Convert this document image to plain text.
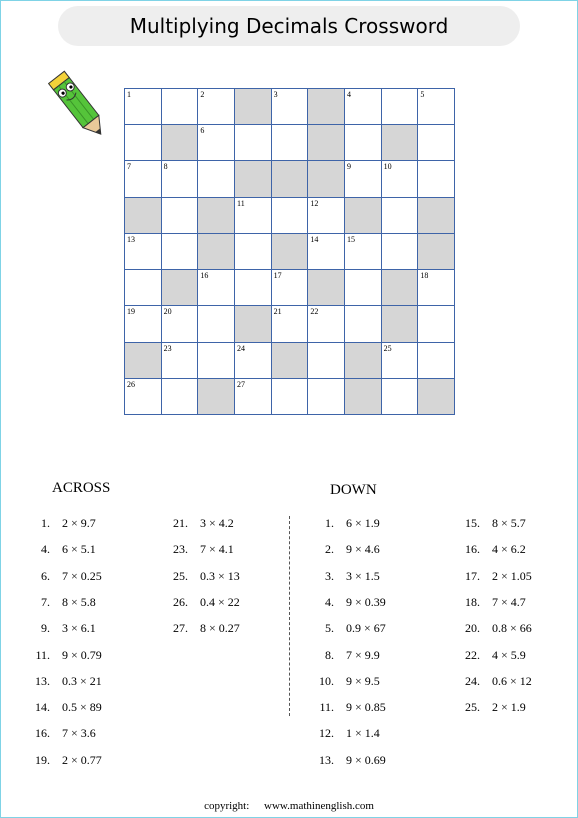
Multiplying Decimals Crossword
1	2	3	4	5
6
7	8	9	10
11	12
13	14	15
16	17	18
19	20	21	22
23	24	25
26	27
ACROSS	DOWN
1. 2 × 9.7
4. 6 × 5.1
6. 7 × 0.25
7. 8 × 5.8
9. 3 × 6.1
11. 9 × 0.79
13. 0.3 × 21
14. 0.5 × 89
16. 7 × 3.6
19. 2 × 0.77
21. 3 × 4.2
23. 7 × 4.1
25. 0.3 × 13
26. 0.4 × 22
27. 8 × 0.27
1. 6 × 1.9
2. 9 × 4.6
3. 3 × 1.5
4. 9 × 0.39
5. 0.9 × 67
8. 7 × 9.9
10. 9 × 9.5
11. 9 × 0.85
12. 1 × 1.4
13. 9 × 0.69
15. 8 × 5.7
16. 4 × 6.2
17. 2 × 1.05
18. 7 × 4.7
20. 0.8 × 66
22. 4 × 5.9
24. 0.6 × 12
25. 2 × 1.9
copyright: www.mathinenglish.com
